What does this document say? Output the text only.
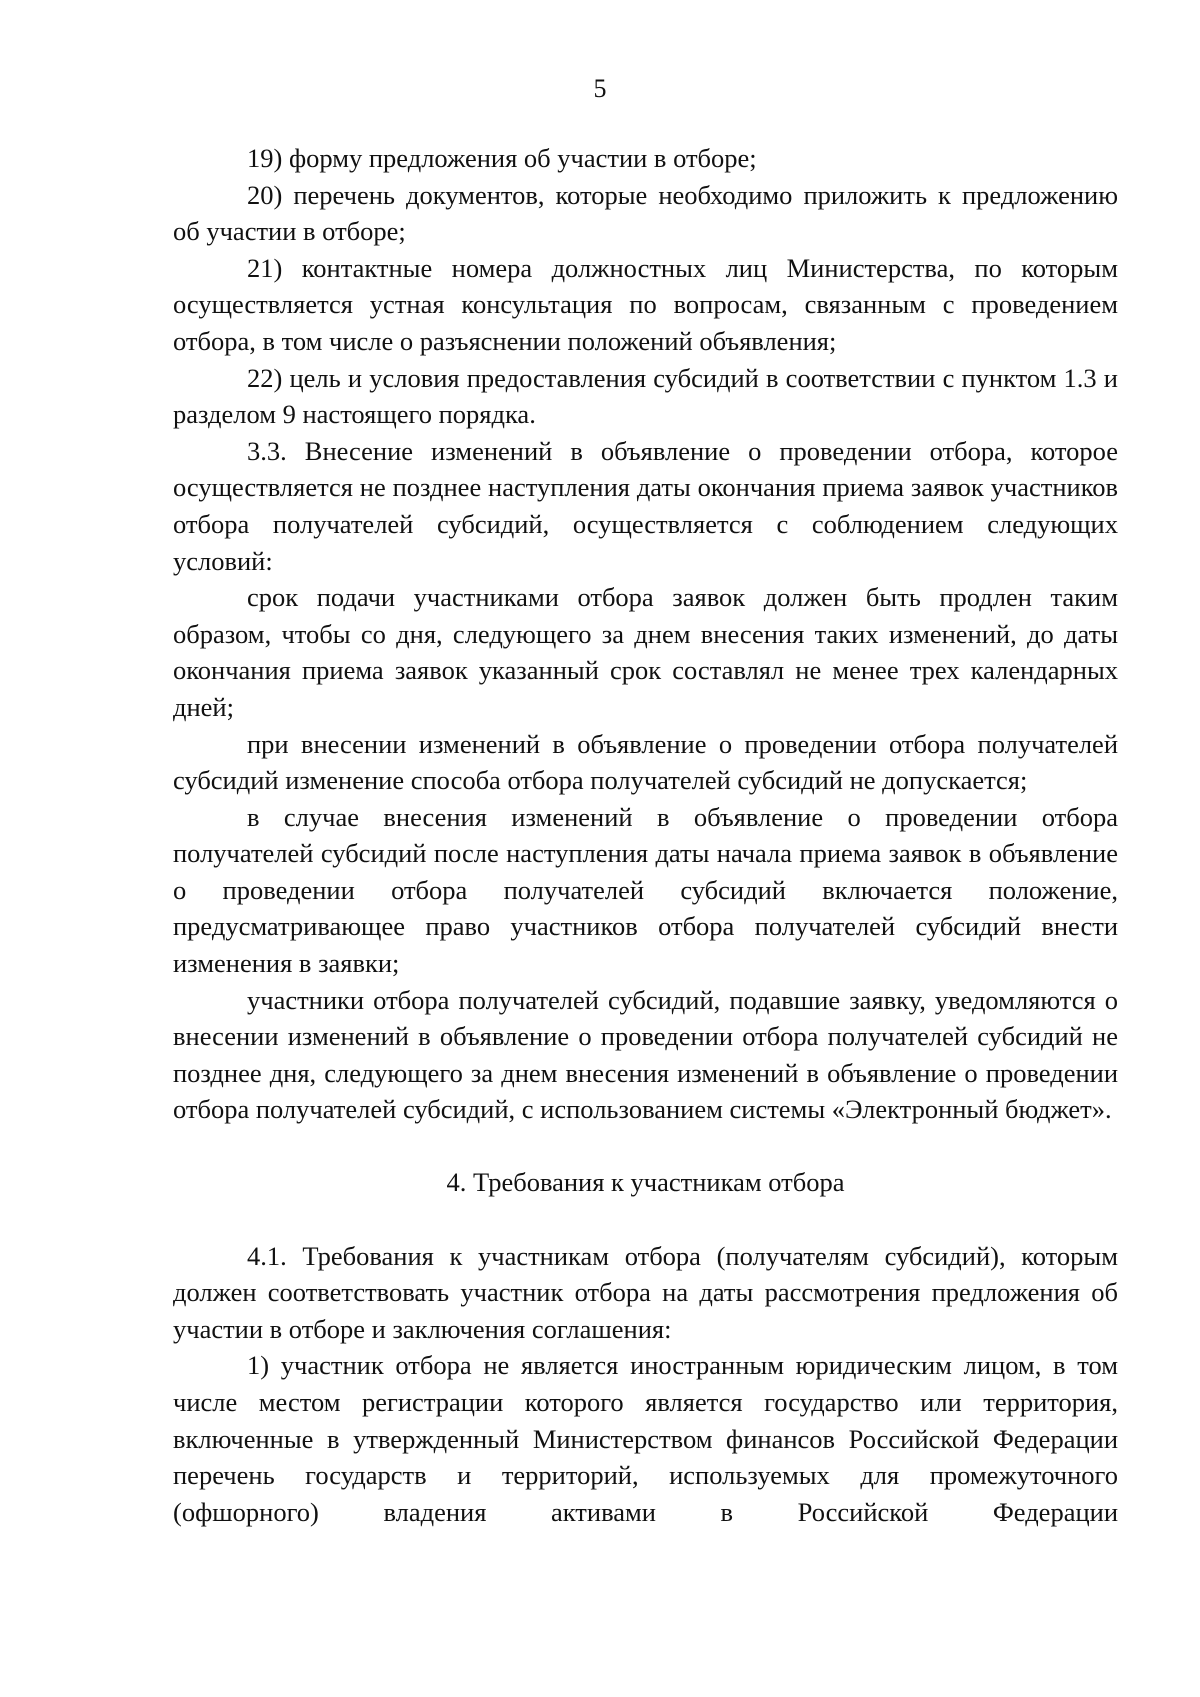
5

19) форму предложения об участии в отборе;

20) перечень документов, которые необходимо приложить к предложению об участии в отборе;

21) контактные номера должностных лиц Министерства, по которым осуществляется устная консультация по вопросам, связанным с проведением отбора, в том числе о разъяснении положений объявления;

22) цель и условия предоставления субсидий в соответствии с пунктом 1.3 и разделом 9 настоящего порядка.

3.3. Внесение изменений в объявление о проведении отбора, которое осуществляется не позднее наступления даты окончания приема заявок участников отбора получателей субсидий, осуществляется с соблюдением следующих условий:

срок подачи участниками отбора заявок должен быть продлен таким образом, чтобы со дня, следующего за днем внесения таких изменений, до даты окончания приема заявок указанный срок составлял не менее трех календарных дней;

при внесении изменений в объявление о проведении отбора получателей субсидий изменение способа отбора получателей субсидий не допускается;

в случае внесения изменений в объявление о проведении отбора получателей субсидий после наступления даты начала приема заявок в объявление о проведении отбора получателей субсидий включается положение, предусматривающее право участников отбора получателей субсидий внести изменения в заявки;

участники отбора получателей субсидий, подавшие заявку, уведомляются о внесении изменений в объявление о проведении отбора получателей субсидий не позднее дня, следующего за днем внесения изменений в объявление о проведении отбора получателей субсидий, с использованием системы «Электронный бюджет».

4. Требования к участникам отбора

4.1. Требования к участникам отбора (получателям субсидий), которым должен соответствовать участник отбора на даты рассмотрения предложения об участии в отборе и заключения соглашения:

1) участник отбора не является иностранным юридическим лицом, в том числе местом регистрации которого является государство или территория, включенные в утвержденный Министерством финансов Российской Федерации перечень государств и территорий, используемых для промежуточного (офшорного) владения активами в Российской Федерации
